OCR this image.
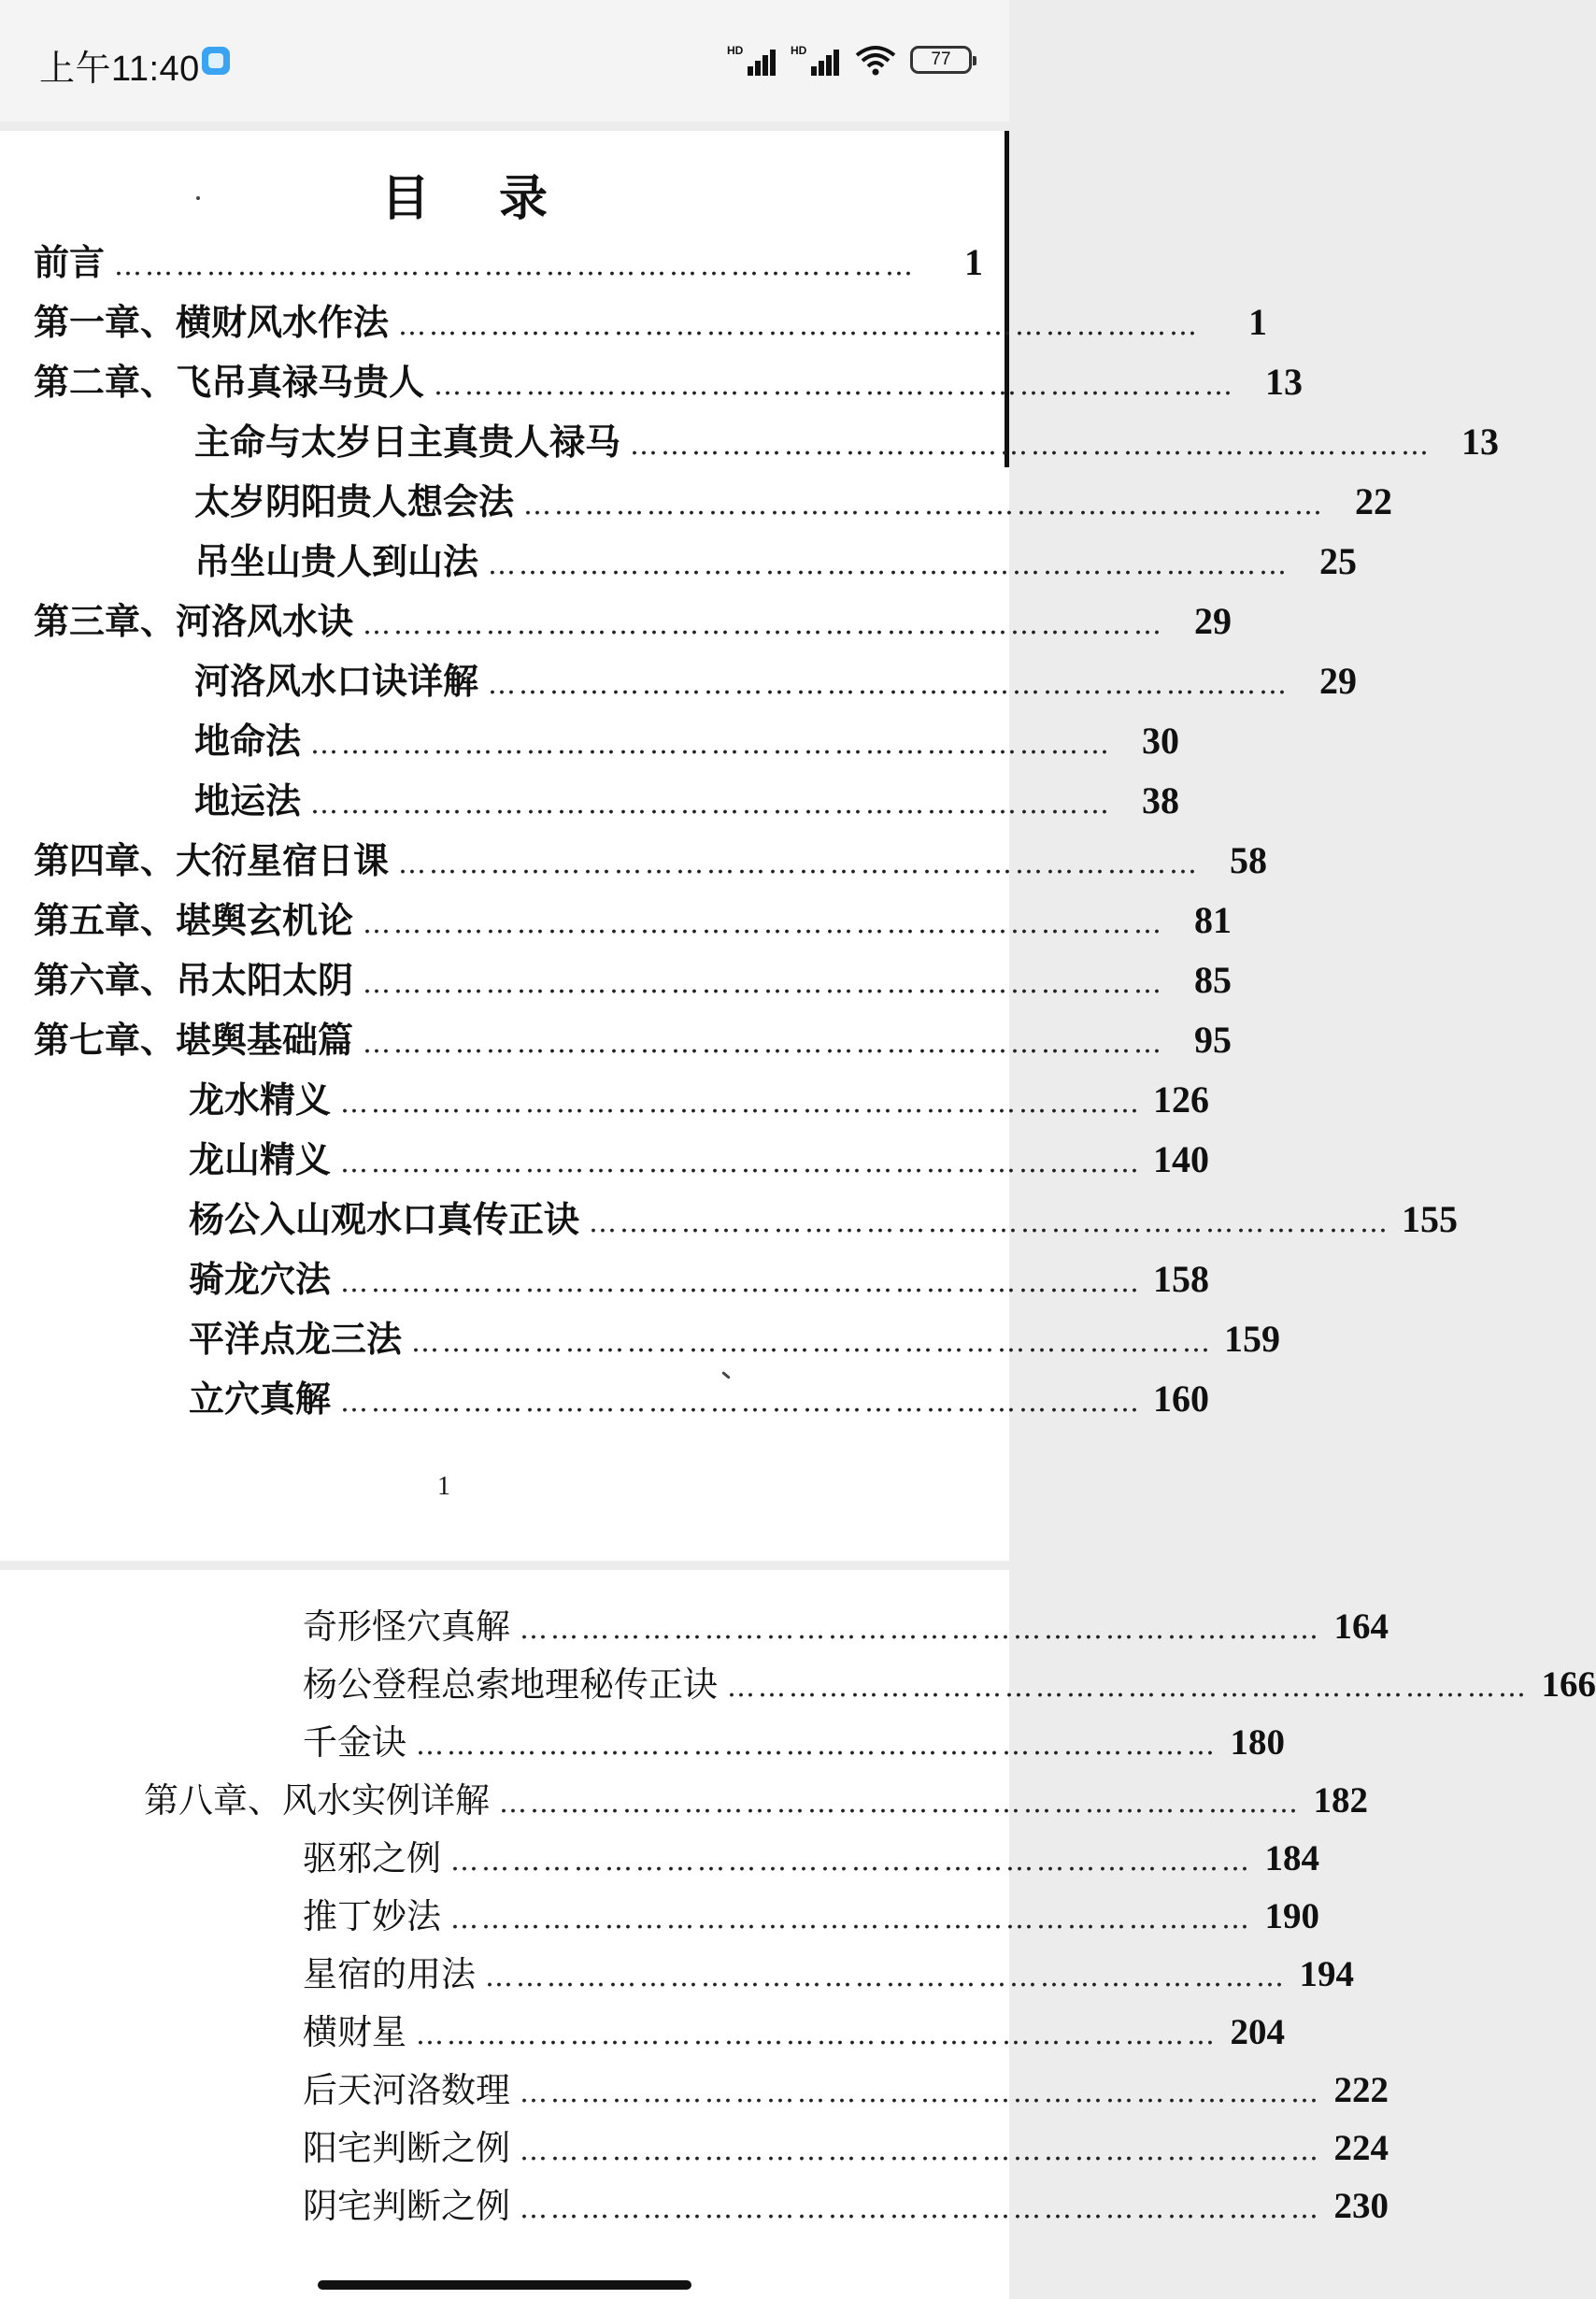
上午11:40	HD	HD	77
目 录
前言 ……………………………………………………………………	1
第一章、横财风水作法 ……………………………………………………………………	1
第二章、飞吊真禄马贵人 …………………………………………………………………… 13
主命与太岁日主真贵人禄马 …………………………………………………………………… 13
太岁阴阳贵人想会法 …………………………………………………………………… 22
吊坐山贵人到山法 …………………………………………………………………… 25
第三章、河洛风水诀 …………………………………………………………………… 29
河洛风水口诀详解 …………………………………………………………………… 29
地命法 …………………………………………………………………… 30
地运法 …………………………………………………………………… 38
第四章、大衍星宿日课 …………………………………………………………………… 58
第五章、堪舆玄机论 …………………………………………………………………… 81
第六章、吊太阳太阴 …………………………………………………………………… 85
第七章、堪舆基础篇 …………………………………………………………………… 95
龙水精义 …………………………………………………………………… 126
龙山精义 …………………………………………………………………… 140
杨公入山观水口真传正诀 …………………………………………………………………… 155
骑龙穴法 …………………………………………………………………… 158
平洋点龙三法 …………………………………………………………………… 159
立穴真解 …………………………………………………………………… 160
1
奇形怪穴真解 …………………………………………………………………… 164
杨公登程总索地理秘传正诀 …………………………………………………………………… 166
千金诀 …………………………………………………………………… 180
第八章、风水实例详解 …………………………………………………………………… 182
驱邪之例 …………………………………………………………………… 184
推丁妙法 …………………………………………………………………… 190
星宿的用法 …………………………………………………………………… 194
横财星 …………………………………………………………………… 204
后天河洛数理 …………………………………………………………………… 222
阳宅判断之例 …………………………………………………………………… 224
阴宅判断之例 …………………………………………………………………… 230
